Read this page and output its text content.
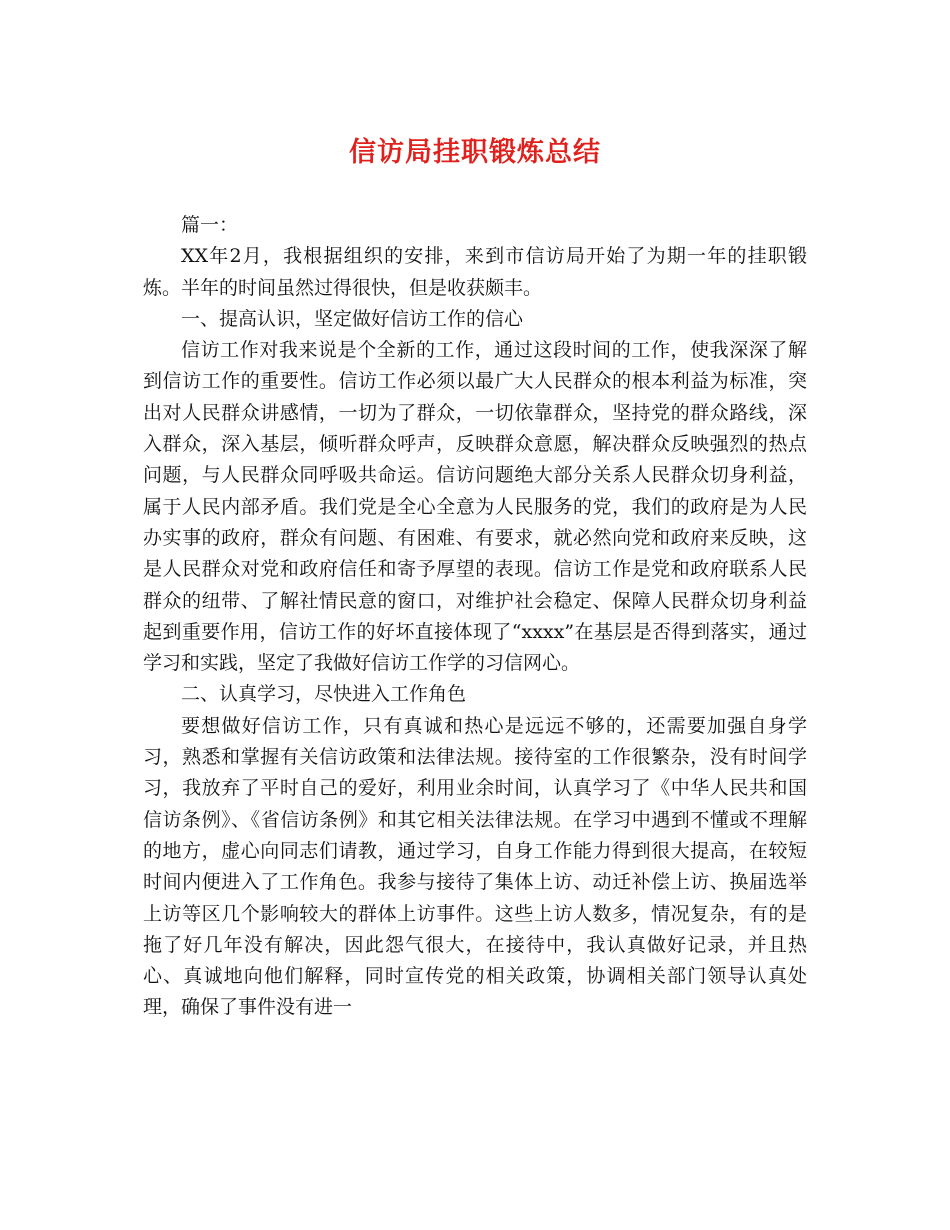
信访局挂职锻炼总结

篇一：

XX年2月，我根据组织的安排，来到市信访局开始了为期一年的挂职锻炼。半年的时间虽然过得很快，但是收获颇丰。

一、提高认识，坚定做好信访工作的信心

信访工作对我来说是个全新的工作，通过这段时间的工作，使我深深了解到信访工作的重要性。信访工作必须以最广大人民群众的根本利益为标准，突出对人民群众讲感情，一切为了群众，一切依靠群众，坚持党的群众路线，深入群众，深入基层，倾听群众呼声，反映群众意愿，解决群众反映强烈的热点问题，与人民群众同呼吸共命运。信访问题绝大部分关系人民群众切身利益，属于人民内部矛盾。我们党是全心全意为人民服务的党，我们的政府是为人民办实事的政府，群众有问题、有困难、有要求，就必然向党和政府来反映，这是人民群众对党和政府信任和寄予厚望的表现。信访工作是党和政府联系人民群众的纽带、了解社情民意的窗口，对维护社会稳定、保障人民群众切身利益起到重要作用，信访工作的好坏直接体现了“xxxx”在基层是否得到落实，通过学习和实践，坚定了我做好信访工作学的习信网心。

二、认真学习，尽快进入工作角色

要想做好信访工作，只有真诚和热心是远远不够的，还需要加强自身学习，熟悉和掌握有关信访政策和法律法规。接待室的工作很繁杂，没有时间学习，我放弃了平时自己的爱好，利用业余时间，认真学习了《中华人民共和国信访条例》、《省信访条例》和其它相关法律法规。在学习中遇到不懂或不理解的地方，虚心向同志们请教，通过学习，自身工作能力得到很大提高，在较短时间内便进入了工作角色。我参与接待了集体上访、动迁补偿上访、换届选举上访等区几个影响较大的群体上访事件。这些上访人数多，情况复杂，有的是拖了好几年没有解决，因此怨气很大，在接待中，我认真做好记录，并且热心、真诚地向他们解释，同时宣传党的相关政策，协调相关部门领导认真处理，确保了事件没有进一
